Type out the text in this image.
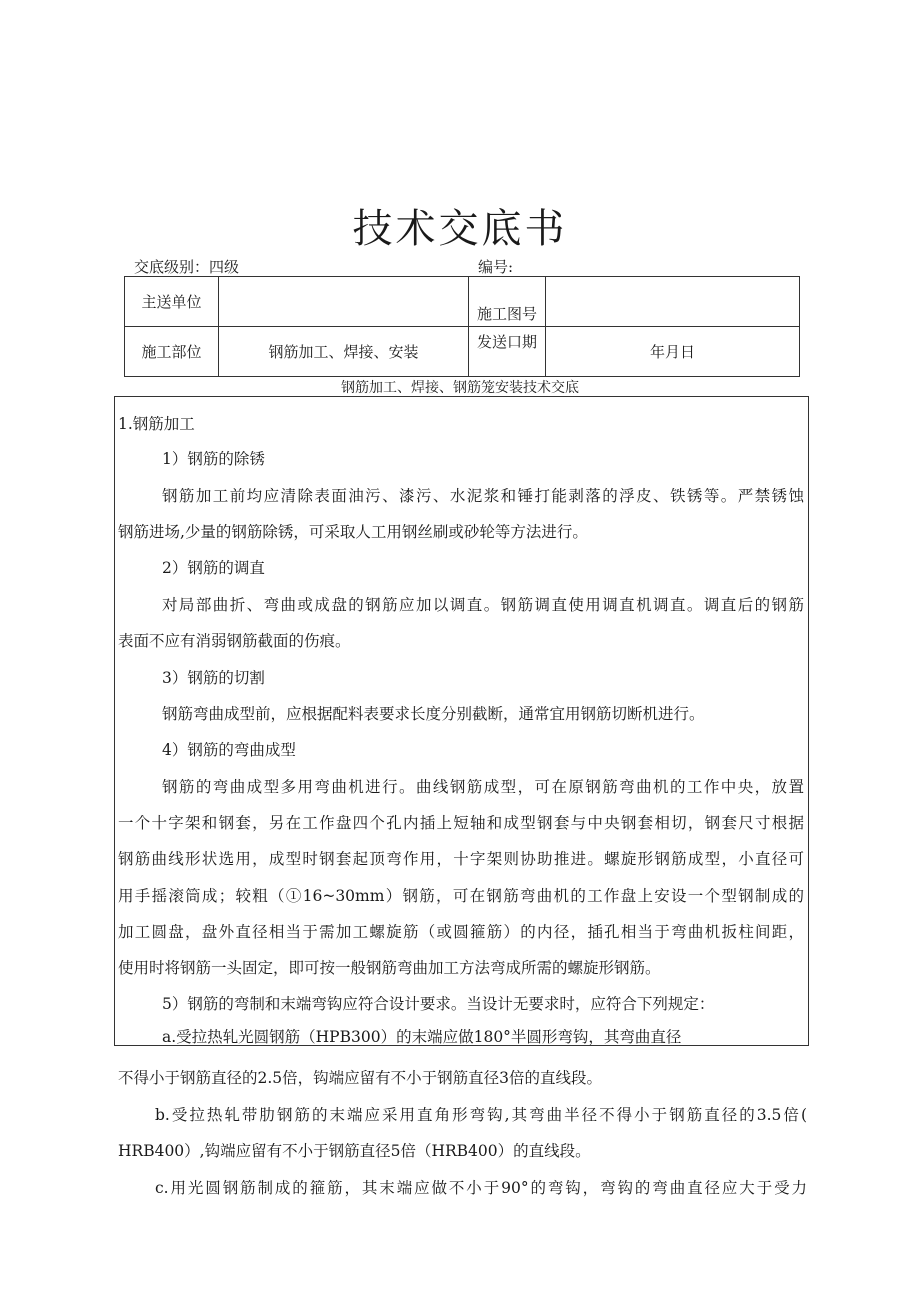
技术交底书
交底级别：四级	编号:
主送单位		施工图号	
施工部位	钢筋加工、焊接、安装	发送口期	年月日
钢筋加工、焊接、钢筋笼安装技术交底
1.钢筋加工
1）钢筋的除锈
钢筋加工前均应清除表面油污、漆污、水泥浆和锤打能剥落的浮皮、铁锈等。严禁锈蚀
钢筋进场,少量的钢筋除锈，可采取人工用钢丝刷或砂轮等方法进行。
2）钢筋的调直
对局部曲折、弯曲或成盘的钢筋应加以调直。钢筋调直使用调直机调直。调直后的钢筋
表面不应有消弱钢筋截面的伤痕。
3）钢筋的切割
钢筋弯曲成型前，应根据配料表要求长度分别截断，通常宜用钢筋切断机进行。
4）钢筋的弯曲成型
钢筋的弯曲成型多用弯曲机进行。曲线钢筋成型，可在原钢筋弯曲机的工作中央，放置
一个十字架和钢套，另在工作盘四个孔内插上短轴和成型钢套与中央钢套相切，钢套尺寸根据
钢筋曲线形状选用，成型时钢套起顶弯作用，十字架则协助推进。螺旋形钢筋成型，小直径可
用手摇滚筒成；较粗（①16~30mm）钢筋，可在钢筋弯曲机的工作盘上安设一个型钢制成的
加工圆盘，盘外直径相当于需加工螺旋筋（或圆箍筋）的内径，插孔相当于弯曲机扳柱间距，
使用时将钢筋一头固定，即可按一般钢筋弯曲加工方法弯成所需的螺旋形钢筋。
5）钢筋的弯制和末端弯钩应符合设计要求。当设计无要求时，应符合下列规定：
a.受拉热轧光圆钢筋（HPB300）的末端应做180°半圆形弯钩，其弯曲直径
不得小于钢筋直径的2.5倍，钩端应留有不小于钢筋直径3倍的直线段。
b.受拉热轧带肋钢筋的末端应采用直角形弯钩,其弯曲半径不得小于钢筋直径的3.5倍(
HRB400）,钩端应留有不小于钢筋直径5倍（HRB400）的直线段。
c.用光圆钢筋制成的箍筋，其末端应做不小于90°的弯钩，弯钩的弯曲直径应大于受力
